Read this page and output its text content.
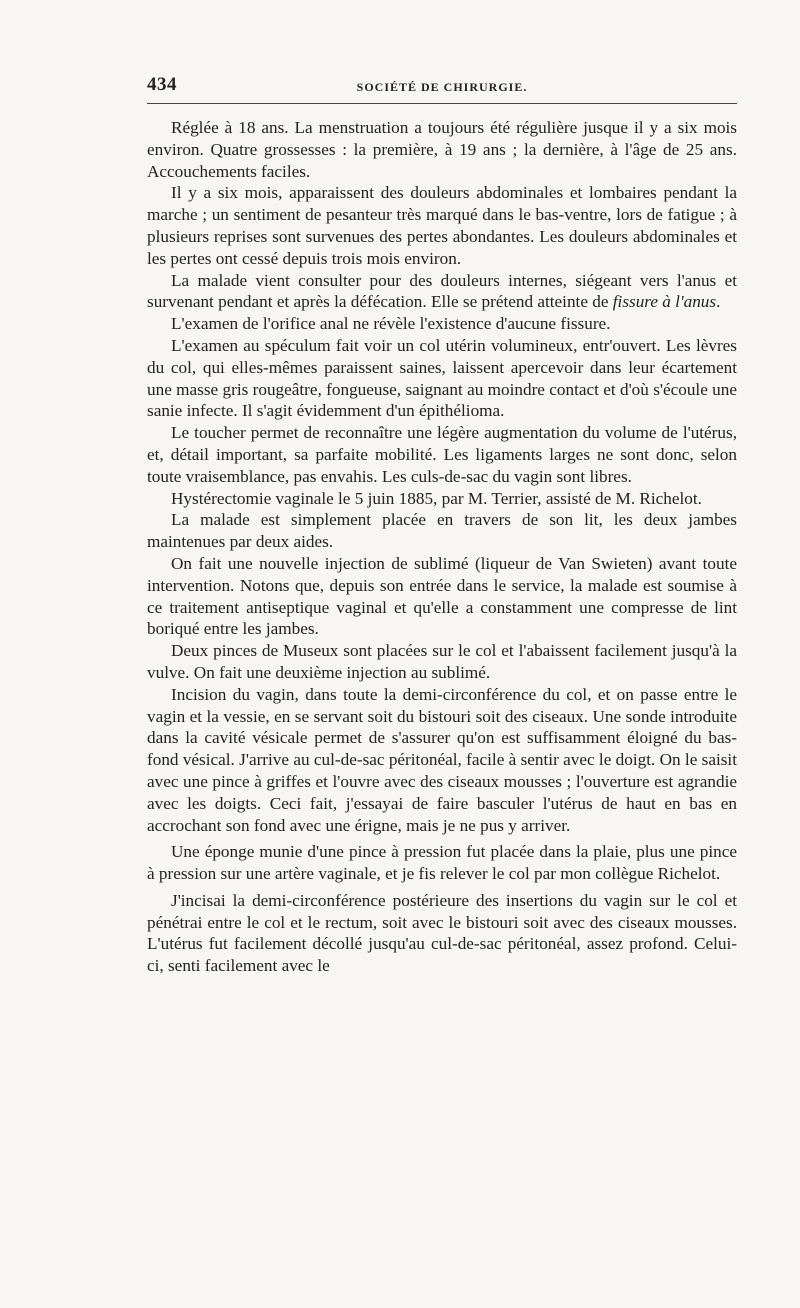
434	SOCIÉTÉ DE CHIRURGIE.

Réglée à 18 ans. La menstruation a toujours été régulière jusque il y a six mois environ. Quatre grossesses : la première, à 19 ans ; la dernière, à l'âge de 25 ans. Accouchements faciles.

Il y a six mois, apparaissent des douleurs abdominales et lombaires pendant la marche ; un sentiment de pesanteur très marqué dans le bas-ventre, lors de fatigue ; à plusieurs reprises sont survenues des pertes abondantes. Les douleurs abdominales et les pertes ont cessé depuis trois mois environ.

La malade vient consulter pour des douleurs internes, siégeant vers l'anus et survenant pendant et après la défécation. Elle se prétend atteinte de fissure à l'anus.

L'examen de l'orifice anal ne révèle l'existence d'aucune fissure.

L'examen au spéculum fait voir un col utérin volumineux, entr'ouvert. Les lèvres du col, qui elles-mêmes paraissent saines, laissent apercevoir dans leur écartement une masse gris rougeâtre, fongueuse, saignant au moindre contact et d'où s'écoule une sanie infecte. Il s'agit évidemment d'un épithélioma.

Le toucher permet de reconnaître une légère augmentation du volume de l'utérus, et, détail important, sa parfaite mobilité. Les ligaments larges ne sont donc, selon toute vraisemblance, pas envahis. Les culs-de-sac du vagin sont libres.

Hystérectomie vaginale le 5 juin 1885, par M. Terrier, assisté de M. Richelot.

La malade est simplement placée en travers de son lit, les deux jambes maintenues par deux aides.

On fait une nouvelle injection de sublimé (liqueur de Van Swieten) avant toute intervention. Notons que, depuis son entrée dans le service, la malade est soumise à ce traitement antiseptique vaginal et qu'elle a constamment une compresse de lint boriqué entre les jambes.

Deux pinces de Museux sont placées sur le col et l'abaissent facilement jusqu'à la vulve. On fait une deuxième injection au sublimé.

Incision du vagin, dans toute la demi-circonférence du col, et on passe entre le vagin et la vessie, en se servant soit du bistouri soit des ciseaux. Une sonde introduite dans la cavité vésicale permet de s'assurer qu'on est suffisamment éloigné du bas-fond vésical. J'arrive au cul-de-sac péritonéal, facile à sentir avec le doigt. On le saisit avec une pince à griffes et l'ouvre avec des ciseaux mousses ; l'ouverture est agrandie avec les doigts. Ceci fait, j'essayai de faire basculer l'utérus de haut en bas en accrochant son fond avec une érigne, mais je ne pus y arriver.

Une éponge munie d'une pince à pression fut placée dans la plaie, plus une pince à pression sur une artère vaginale, et je fis relever le col par mon collègue Richelot.

J'incisai la demi-circonférence postérieure des insertions du vagin sur le col et pénétrai entre le col et le rectum, soit avec le bistouri soit avec des ciseaux mousses. L'utérus fut facilement décollé jusqu'au cul-de-sac péritonéal, assez profond. Celui-ci, senti facilement avec le
